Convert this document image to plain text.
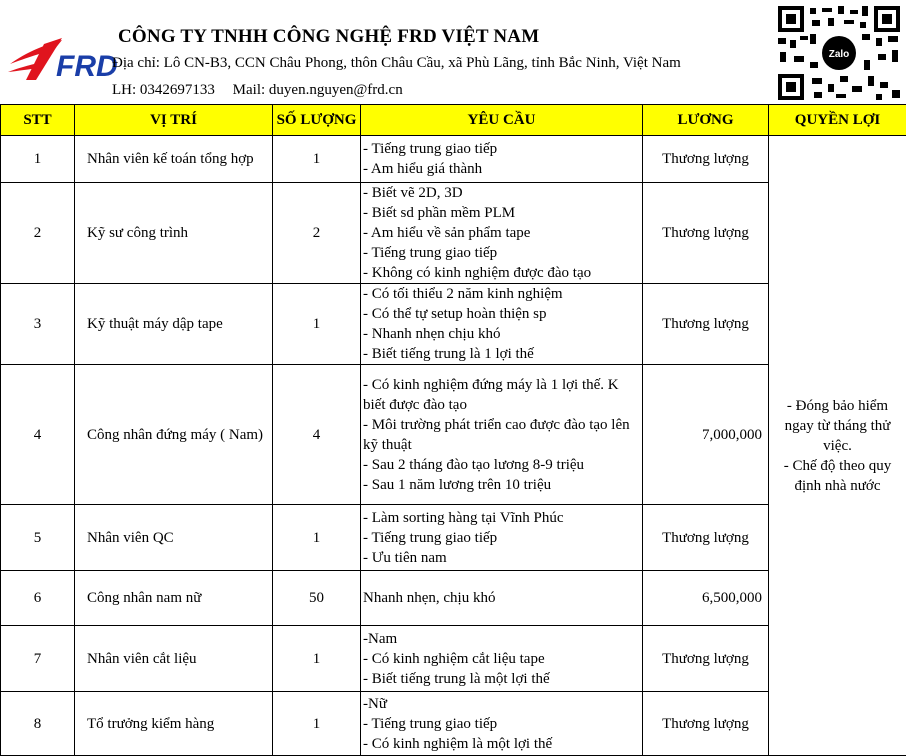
FRD
CÔNG TY TNHH CÔNG NGHỆ FRD VIỆT NAM
Địa chỉ: Lô CN-B3, CCN Châu Phong, thôn Châu Cầu, xã Phù Lãng, tỉnh Bắc Ninh, Việt Nam
LH: 0342697133 Mail: duyen.nguyen@frd.cn
Zalo
STT	VỊ TRÍ	SỐ LƯỢNG	YÊU CẦU	LƯƠNG	QUYỀN LỢI
1	Nhân viên kế toán tổng hợp	1	- Tiếng trung giao tiếp
- Am hiểu giá thành	Thương lượng	- Đóng bảo hiểm ngay từ tháng thử việc.
- Chế độ theo quy định nhà nước

2	Kỹ sư công trình	2	- Biết vẽ 2D, 3D
- Biết sd phần mềm PLM
- Am hiểu về sản phẩm tape
- Tiếng trung giao tiếp
- Không có kinh nghiệm được đào tạo	Thương lượng	
3	Kỹ thuật máy dập tape	1	- Có tối thiểu 2 năm kinh nghiệm
- Có thể tự setup hoàn thiện sp
- Nhanh nhẹn chịu khó
- Biết tiếng trung là 1 lợi thế	Thương lượng	
4	Công nhân đứng máy ( Nam)	4	- Có kinh nghiệm đứng máy là 1 lợi thế. K biết được đào tạo
- Môi trường phát triển cao được đào tạo lên kỹ thuật
- Sau 2 tháng đào tạo lương 8-9 triệu
- Sau 1 năm lương trên 10 triệu	7,000,000	
5	Nhân viên QC	1	- Làm sorting hàng tại Vĩnh Phúc
- Tiếng trung giao tiếp
- Ưu tiên nam	Thương lượng	
6	Công nhân nam nữ	50	Nhanh nhẹn, chịu khó	6,500,000	
7	Nhân viên cắt liệu	1	-Nam
- Có kinh nghiệm cắt liệu tape
- Biết tiếng trung là một lợi thế	Thương lượng	
8	Tổ trưởng kiểm hàng	1	-Nữ
- Tiếng trung giao tiếp
- Có kinh nghiệm là một lợi thế	Thương lượng	
